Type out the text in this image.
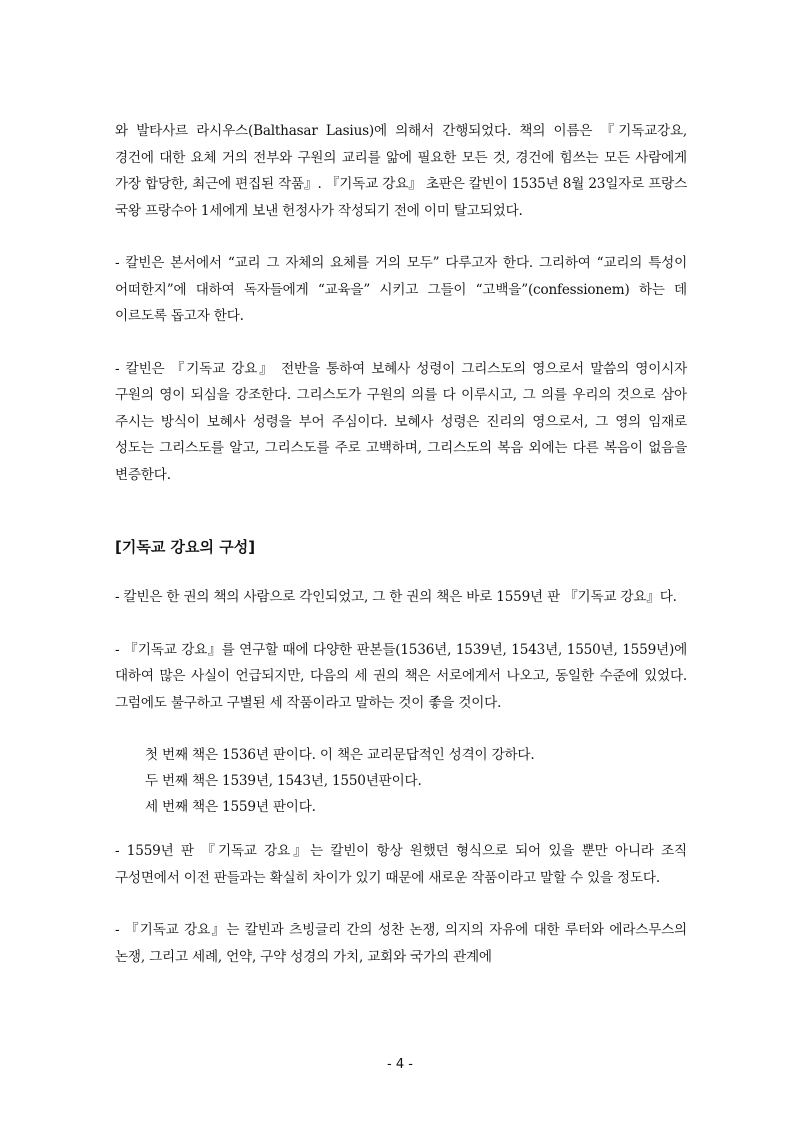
와 발타사르 라시우스(Balthasar Lasius)에 의해서 간행되었다. 책의 이름은 『기독교강요, 경건에 대한 요체 거의 전부와 구원의 교리를 앎에 필요한 모든 것, 경건에 힘쓰는 모든 사람에게 가장 합당한, 최근에 편집된 작품』. 『기독교 강요』 초판은 칼빈이 1535년 8월 23일자로 프랑스 국왕 프랑수아 1세에게 보낸 헌정사가 작성되기 전에 이미 탈고되었다.

- 칼빈은 본서에서 “교리 그 자체의 요체를 거의 모두” 다루고자 한다. 그리하여 “교리의 특성이 어떠한지”에 대하여 독자들에게 “교육을” 시키고 그들이 “고백을”(confessionem) 하는 데 이르도록 돕고자 한다.

- 칼빈은 『기독교 강요』 전반을 통하여 보혜사 성령이 그리스도의 영으로서 말씀의 영이시자 구원의 영이 되심을 강조한다. 그리스도가 구원의 의를 다 이루시고, 그 의를 우리의 것으로 삼아 주시는 방식이 보혜사 성령을 부어 주심이다. 보혜사 성령은 진리의 영으로서, 그 영의 임재로 성도는 그리스도를 알고, 그리스도를 주로 고백하며, 그리스도의 복음 외에는 다른 복음이 없음을 변증한다.

[기독교 강요의 구성]

- 칼빈은 한 권의 책의 사람으로 각인되었고, 그 한 권의 책은 바로 1559년 판 『기독교 강요』다.

- 『기독교 강요』를 연구할 때에 다양한 판본들(1536년, 1539년, 1543년, 1550년, 1559년)에 대하여 많은 사실이 언급되지만, 다음의 세 권의 책은 서로에게서 나오고, 동일한 수준에 있었다. 그럼에도 불구하고 구별된 세 작품이라고 말하는 것이 좋을 것이다.

첫 번째 책은 1536년 판이다. 이 책은 교리문답적인 성격이 강하다.
두 번째 책은 1539년, 1543년, 1550년판이다.
세 번째 책은 1559년 판이다.

- 1559년 판 『기독교 강요』는 칼빈이 항상 원했던 형식으로 되어 있을 뿐만 아니라 조직 구성면에서 이전 판들과는 확실히 차이가 있기 때문에 새로운 작품이라고 말할 수 있을 정도다.

- 『기독교 강요』는 칼빈과 츠빙글리 간의 성찬 논쟁, 의지의 자유에 대한 루터와 에라스무스의 논쟁, 그리고 세례, 언약, 구약 성경의 가치, 교회와 국가의 관계에

- 4 -
